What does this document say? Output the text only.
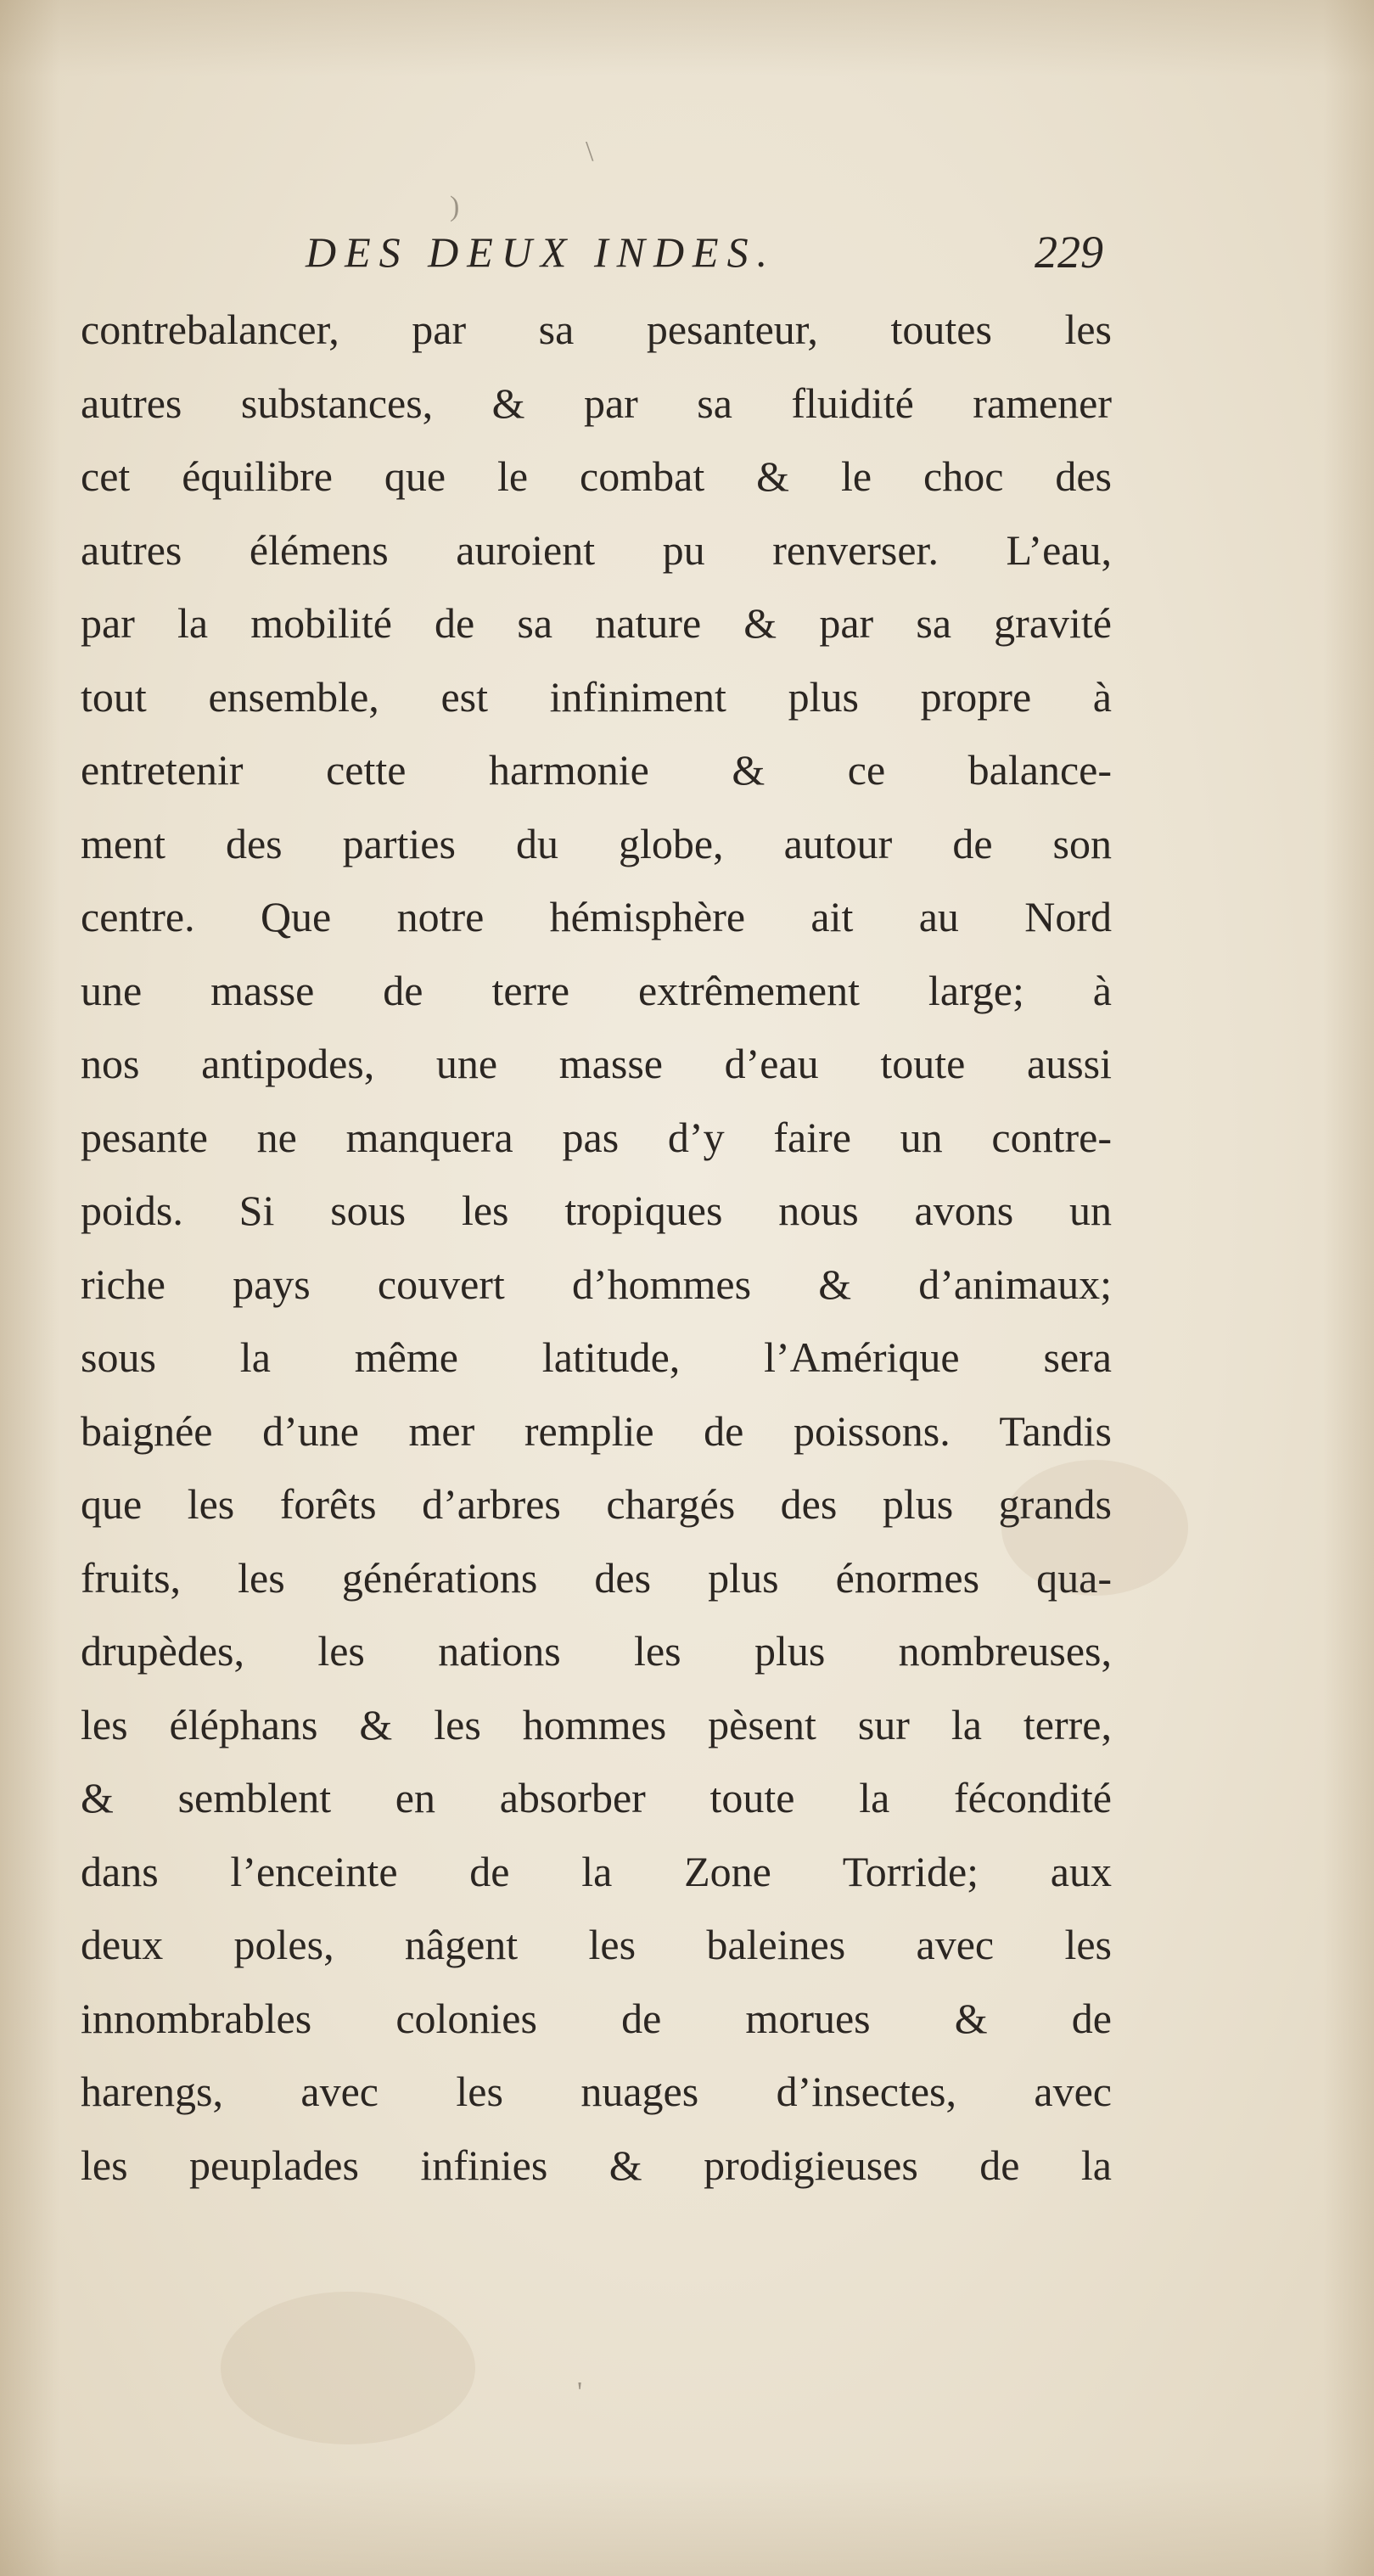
\
)
'
DES DEUX INDES.	229
contrebalancer, par sa pesanteur, toutes les
autres substances, & par sa fluidité ramener
cet équilibre que le combat & le choc des
autres élémens auroient pu renverser. L’eau,
par la mobilité de sa nature & par sa gravité
tout ensemble, est infiniment plus propre à
entretenir cette harmonie & ce balance-
ment des parties du globe, autour de son
centre. Que notre hémisphère ait au Nord
une masse de terre extrêmement large; à
nos antipodes, une masse d’eau toute aussi
pesante ne manquera pas d’y faire un contre-
poids. Si sous les tropiques nous avons un
riche pays couvert d’hommes & d’animaux;
sous la même latitude, l’Amérique sera
baignée d’une mer remplie de poissons. Tandis
que les forêts d’arbres chargés des plus grands
fruits, les générations des plus énormes qua-
drupèdes, les nations les plus nombreuses,
les éléphans & les hommes pèsent sur la terre,
& semblent en absorber toute la fécondité
dans l’enceinte de la Zone Torride; aux
deux poles, nâgent les baleines avec les
innombrables colonies de morues & de
harengs, avec les nuages d’insectes, avec
les peuplades infinies & prodigieuses de la
